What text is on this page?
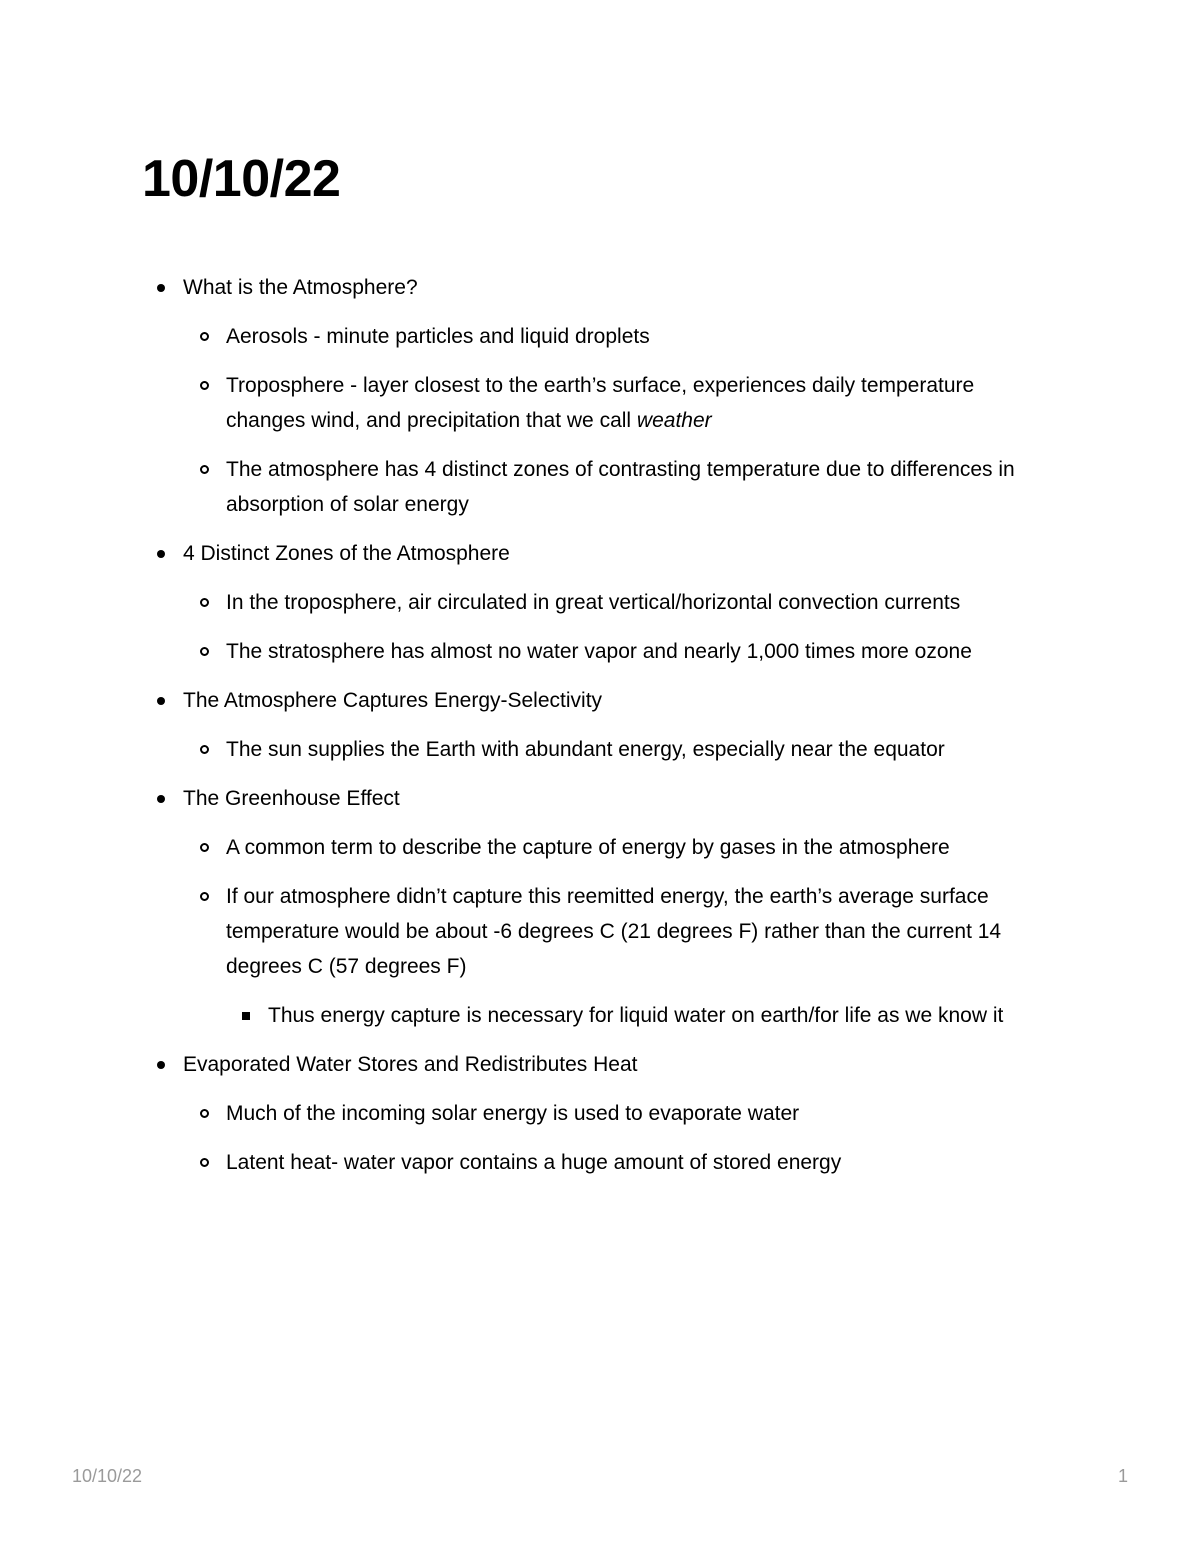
10/10/22
What is the Atmosphere?
Aerosols - minute particles and liquid droplets
Troposphere - layer closest to the earth’s surface, experiences daily temperature changes wind, and precipitation that we call weather
The atmosphere has 4 distinct zones of contrasting temperature due to differences in absorption of solar energy
4 Distinct Zones of the Atmosphere
In the troposphere, air circulated in great vertical/horizontal convection currents
The stratosphere has almost no water vapor and nearly 1,000 times more ozone
The Atmosphere Captures Energy-Selectivity
The sun supplies the Earth with abundant energy, especially near the equator
The Greenhouse Effect
A common term to describe the capture of energy by gases in the atmosphere
If our atmosphere didn’t capture this reemitted energy, the earth’s average surface temperature would be about -6 degrees C (21 degrees F) rather than the current 14 degrees C (57 degrees F)
Thus energy capture is necessary for liquid water on earth/for life as we know it
Evaporated Water Stores and Redistributes Heat
Much of the incoming solar energy is used to evaporate water
Latent heat- water vapor contains a huge amount of stored energy
10/10/22	1
